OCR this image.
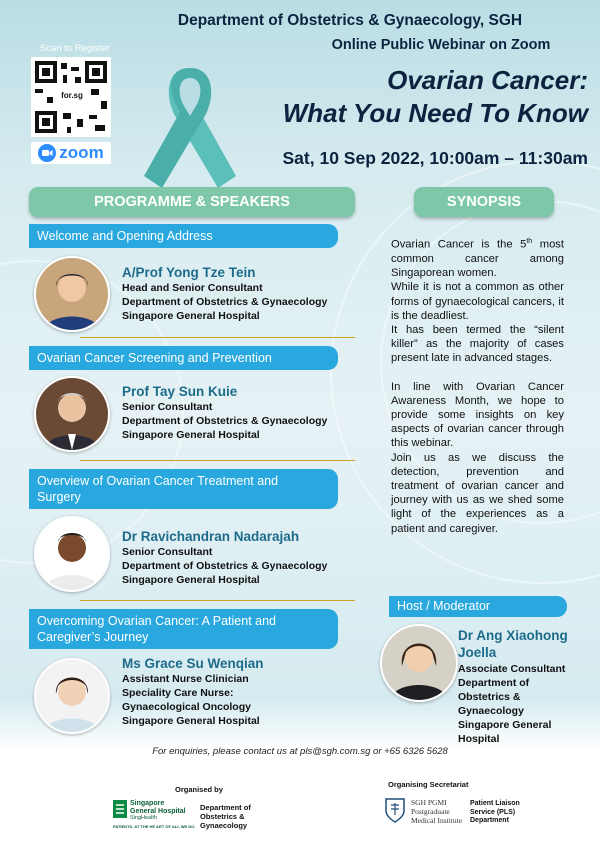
Scan to Register
for.sg
zoom
Department of Obstetrics & Gynaecology, SGH
Online Public Webinar on Zoom
Ovarian Cancer:
What You Need To Know
Sat, 10 Sep 2022, 10:00am – 11:30am
PROGRAMME & SPEAKERS	SYNOPSIS
Welcome and Opening Address
A/Prof Yong Tze Tein
Head and Senior Consultant
Department of Obstetrics & Gynaecology
Singapore General Hospital
Ovarian Cancer Screening and Prevention
Prof Tay Sun Kuie
Senior Consultant
Department of Obstetrics & Gynaecology
Singapore General Hospital
Overview of Ovarian Cancer Treatment and
Surgery
Dr Ravichandran Nadarajah
Senior Consultant
Department of Obstetrics & Gynaecology
Singapore General Hospital
Overcoming Ovarian Cancer: A Patient and
Caregiver’s Journey
Ms Grace Su Wenqian
Assistant Nurse Clinician
Speciality Care Nurse:
Gynaecological Oncology
Singapore General Hospital

Ovarian Cancer is the 5th most common cancer among Singaporean women.

While it is not a common as other forms of gynaecological cancers, it is the deadliest.

It has been termed the “silent killer” as the majority of cases present late in advanced stages.

In line with Ovarian Cancer Awareness Month, we hope to provide some insights on key aspects of ovarian cancer through this webinar.

Join us as we discuss the detection, prevention and treatment of ovarian cancer and journey with us as we shed some light of the experiences as a patient and caregiver.

Host / Moderator
Dr Ang Xiaohong
Joella
Associate Consultant
Department of
Obstetrics &
Gynaecology
Singapore General
Hospital
For enquiries, please contact us at pls@sgh.com.sg or +65 6326 5628
Organised by
Singapore
General Hospital
SingHealth
PATIENTS. AT THE HE ART OF ALL WE DO.
Department of
Obstetrics &
Gynaecology
Organising Secretariat
SGH PGMI
Postgraduate
Medical Institute
Patient Liaison
Service (PLS)
Department
